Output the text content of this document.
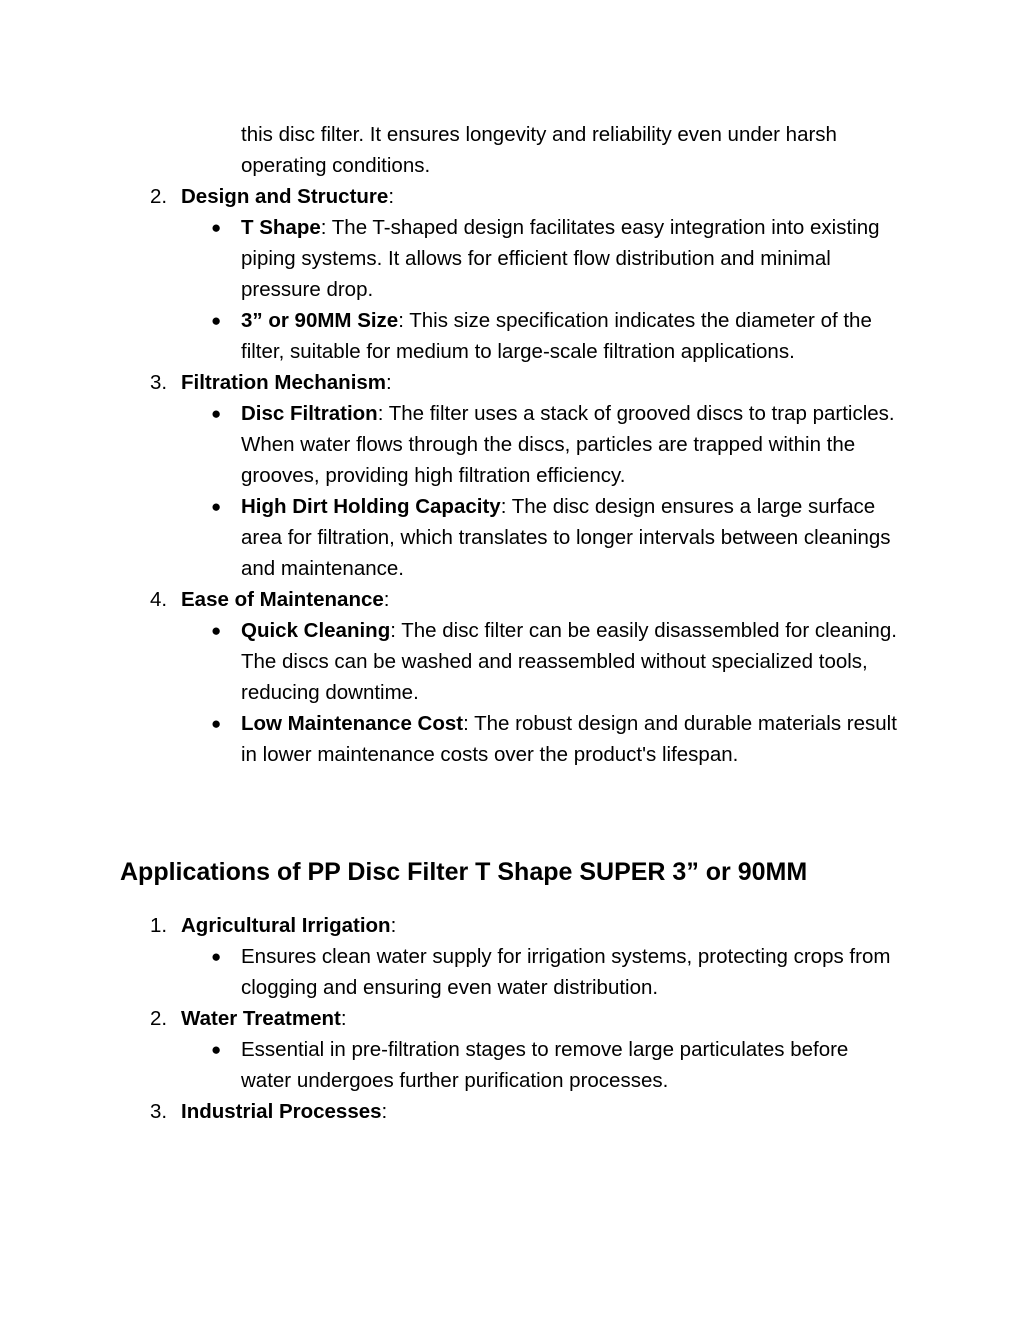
this disc filter. It ensures longevity and reliability even under harsh operating conditions.

2. Design and Structure:

● T Shape: The T-shaped design facilitates easy integration into existing piping systems. It allows for efficient flow distribution and minimal pressure drop.
● 3” or 90MM Size: This size specification indicates the diameter of the filter, suitable for medium to large-scale filtration applications.
3. Filtration Mechanism:

● Disc Filtration: The filter uses a stack of grooved discs to trap particles. When water flows through the discs, particles are trapped within the grooves, providing high filtration efficiency.
● High Dirt Holding Capacity: The disc design ensures a large surface area for filtration, which translates to longer intervals between cleanings and maintenance.
4. Ease of Maintenance:

● Quick Cleaning: The disc filter can be easily disassembled for cleaning. The discs can be washed and reassembled without specialized tools, reducing downtime.
● Low Maintenance Cost: The robust design and durable materials result in lower maintenance costs over the product's lifespan.
Applications of PP Disc Filter T Shape SUPER 3” or 90MM
1. Agricultural Irrigation:

● Ensures clean water supply for irrigation systems, protecting crops from clogging and ensuring even water distribution.
2. Water Treatment:

● Essential in pre-filtration stages to remove large particulates before water undergoes further purification processes.
3. Industrial Processes:
